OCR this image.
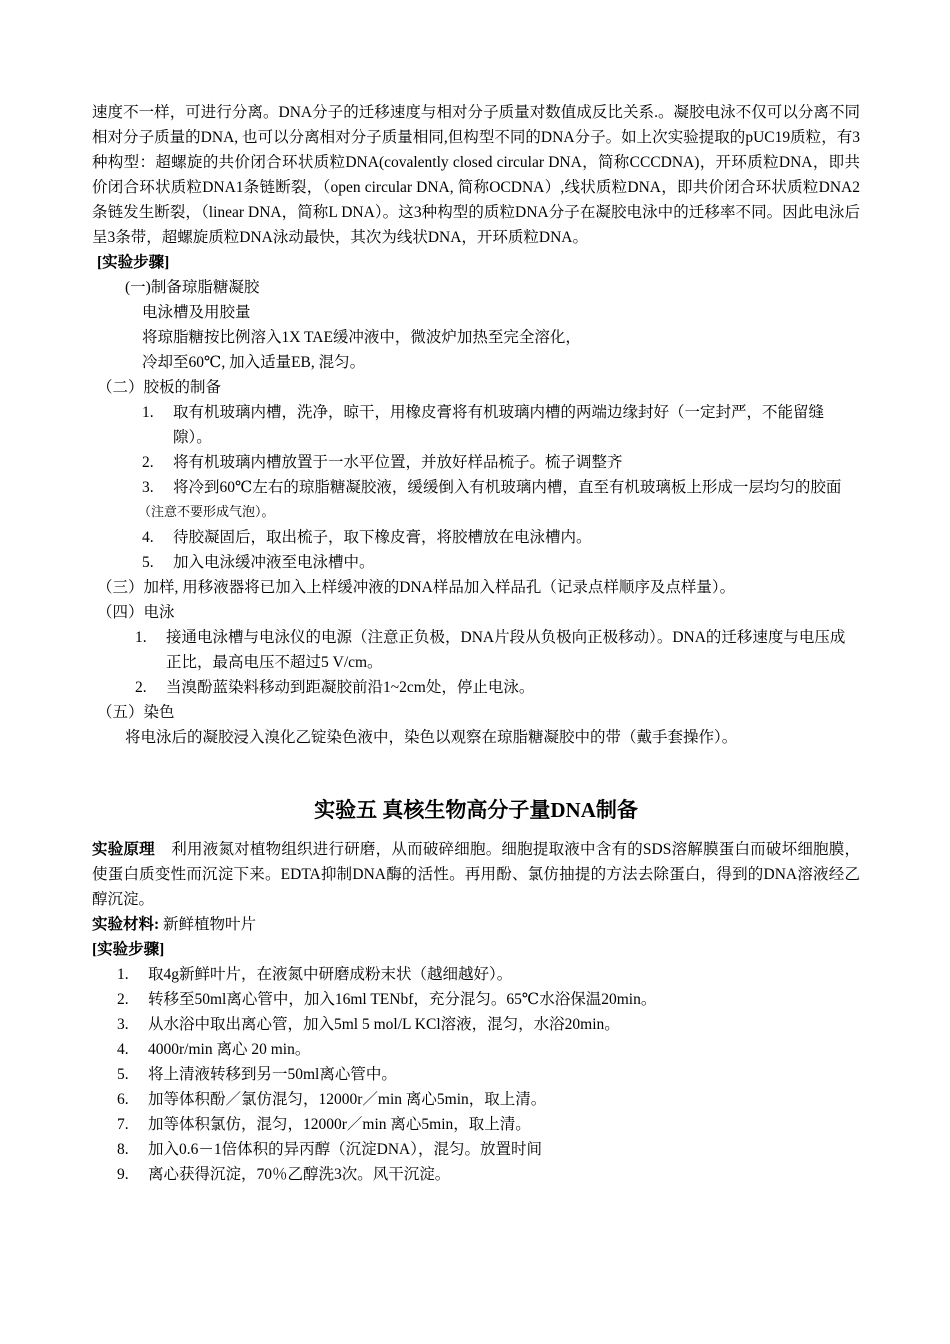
速度不一样，可进行分离。DNA分子的迁移速度与相对分子质量对数值成反比关系.。凝胶电泳不仅可以分离不同相对分子质量的DNA, 也可以分离相对分子质量相同,但构型不同的DNA分子。如上次实验提取的pUC19质粒，有3种构型：超螺旋的共价闭合环状质粒DNA(covalently closed circular DNA，简称CCCDNA)，开环质粒DNA，即共价闭合环状质粒DNA1条链断裂，（open circular DNA, 简称OCDNA）,线状质粒DNA，即共价闭合环状质粒DNA2条链发生断裂，（linear DNA，简称L DNA）。这3种构型的质粒DNA分子在凝胶电泳中的迁移率不同。因此电泳后呈3条带，超螺旋质粒DNA泳动最快，其次为线状DNA，开环质粒DNA。

[实验步骤]

(一)制备琼脂糖凝胶

电泳槽及用胶量

将琼脂糖按比例溶入1X TAE缓冲液中，微波炉加热至完全溶化，

冷却至60℃, 加入适量EB, 混匀。

（二）胶板的制备

1.	取有机玻璃内槽，洗净，晾干，用橡皮膏将有机玻璃内槽的两端边缘封好（一定封严，不能留缝隙）。
2.	将有机玻璃内槽放置于一水平位置，并放好样品梳子。梳子调整齐
3.	将冷到60℃左右的琼脂糖凝胶液，缓缓倒入有机玻璃内槽，直至有机玻璃板上形成一层均匀的胶面

（注意不要形成气泡）。

4.	待胶凝固后，取出梳子，取下橡皮膏，将胶槽放在电泳槽内。
5.	加入电泳缓冲液至电泳槽中。

（三）加样, 用移液器将已加入上样缓冲液的DNA样品加入样品孔（记录点样顺序及点样量）。

（四）电泳

1.	接通电泳槽与电泳仪的电源（注意正负极，DNA片段从负极向正极移动）。DNA的迁移速度与电压成正比，最高电压不超过5 V/cm。
2.	当溴酚蓝染料移动到距凝胶前沿1~2cm处，停止电泳。

（五）染色

将电泳后的凝胶浸入溴化乙锭染色液中，染色以观察在琼脂糖凝胶中的带（戴手套操作）。

实验五 真核生物高分子量DNA制备

实验原理 利用液氮对植物组织进行研磨，从而破碎细胞。细胞提取液中含有的SDS溶解膜蛋白而破坏细胞膜，使蛋白质变性而沉淀下来。EDTA抑制DNA酶的活性。再用酚、氯仿抽提的方法去除蛋白，得到的DNA溶液经乙醇沉淀。

实验材料: 新鲜植物叶片

[实验步骤]

1.	取4g新鲜叶片，在液氮中研磨成粉末状（越细越好）。
2.	转移至50ml离心管中，加入16ml TENbf，充分混匀。65℃水浴保温20min。
3.	从水浴中取出离心管，加入5ml 5 mol/L KCl溶液，混匀，水浴20min。
4.	4000r/min 离心 20 min。
5.	将上清液转移到另一50ml离心管中。
6.	加等体积酚／氯仿混匀，12000r／min 离心5min，取上清。
7.	加等体积氯仿，混匀，12000r／min 离心5min，取上清。
8.	加入0.6－1倍体积的异丙醇（沉淀DNA），混匀。放置时间
9.	离心获得沉淀，70％乙醇洗3次。风干沉淀。
